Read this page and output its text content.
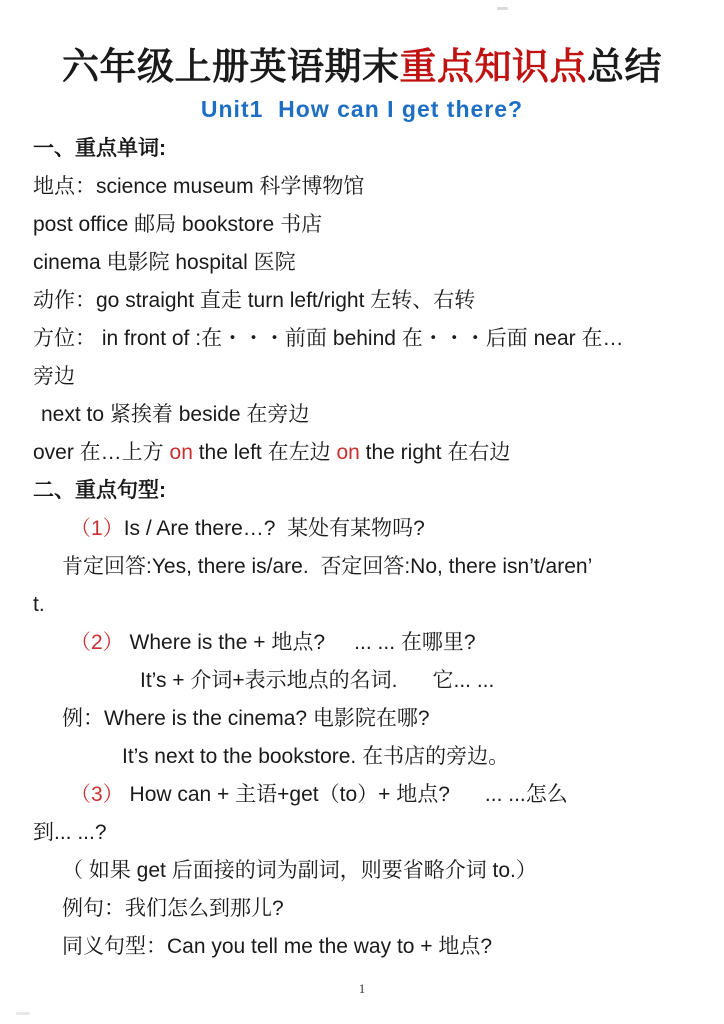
六年级上册英语期末重点知识点总结
Unit1  How can I get there?
一、重点单词:
地点：science museum 科学博物馆
post office 邮局 bookstore 书店
cinema 电影院 hospital 医院
动作：go straight 直走 turn left/right 左转、右转
方位： in front of :在・・・前面 behind 在・・・后面 near 在…
旁边
next to 紧挨着 beside 在旁边
over 在…上方 on the left 在左边 on the right 在右边
二、重点句型:
（1）Is / Are there…?  某处有某物吗?
肯定回答:Yes, there is/are.  否定回答:No, there isn’t/aren’
t.
（2） Where is the + 地点?     ... ... 在哪里?
It’s + 介词+表示地点的名词.      它... ...
例：Where is the cinema? 电影院在哪?
It’s next to the bookstore. 在书店的旁边。
（3） How can + 主语+get（to）+ 地点?      ... ...怎么
到... ...?
（ 如果 get 后面接的词为副词，则要省略介词 to.）
例句：我们怎么到那儿?
同义句型：Can you tell me the way to + 地点?
1
